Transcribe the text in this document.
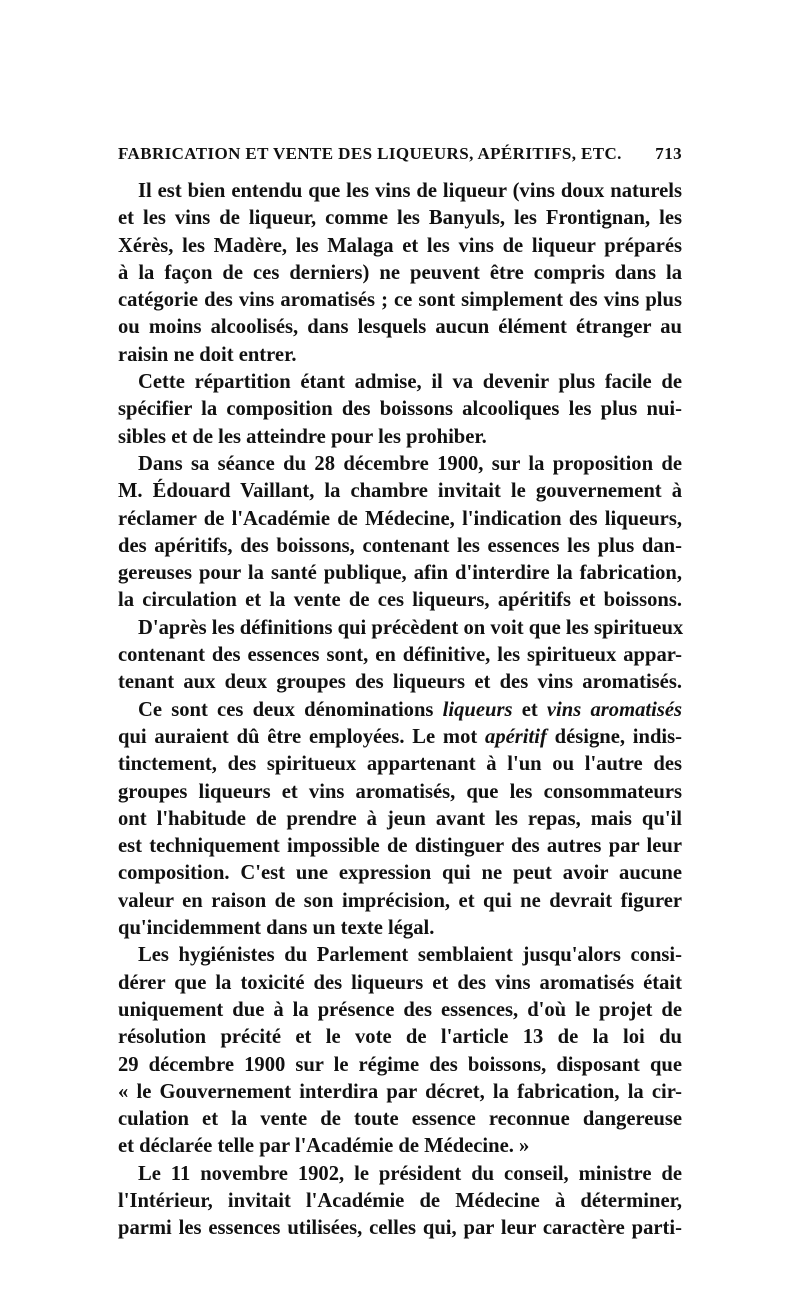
FABRICATION ET VENTE DES LIQUEURS, APÉRITIFS, ETC. 713
Il est bien entendu que les vins de liqueur (vins doux naturels
et les vins de liqueur, comme les Banyuls, les Frontignan, les
Xérès, les Madère, les Malaga et les vins de liqueur préparés
à la façon de ces derniers) ne peuvent être compris dans la
catégorie des vins aromatisés ; ce sont simplement des vins plus
ou moins alcoolisés, dans lesquels aucun élément étranger au
raisin ne doit entrer.
Cette répartition étant admise, il va devenir plus facile de
spécifier la composition des boissons alcooliques les plus nui-
sibles et de les atteindre pour les prohiber.
Dans sa séance du 28 décembre 1900, sur la proposition de
M. Édouard Vaillant, la chambre invitait le gouvernement à
réclamer de l'Académie de Médecine, l'indication des liqueurs,
des apéritifs, des boissons, contenant les essences les plus dan-
gereuses pour la santé publique, afin d'interdire la fabrication,
la circulation et la vente de ces liqueurs, apéritifs et boissons.
D'après les définitions qui précèdent on voit que les spiritueux
contenant des essences sont, en définitive, les spiritueux appar-
tenant aux deux groupes des liqueurs et des vins aromatisés.
Ce sont ces deux dénominations liqueurs et vins aromatisés
qui auraient dû être employées. Le mot apéritif désigne, indis-
tinctement, des spiritueux appartenant à l'un ou l'autre des
groupes liqueurs et vins aromatisés, que les consommateurs
ont l'habitude de prendre à jeun avant les repas, mais qu'il
est techniquement impossible de distinguer des autres par leur
composition. C'est une expression qui ne peut avoir aucune
valeur en raison de son imprécision, et qui ne devrait figurer
qu'incidemment dans un texte légal.
Les hygiénistes du Parlement semblaient jusqu'alors consi-
dérer que la toxicité des liqueurs et des vins aromatisés était
uniquement due à la présence des essences, d'où le projet de
résolution précité et le vote de l'article 13 de la loi du
29 décembre 1900 sur le régime des boissons, disposant que
« le Gouvernement interdira par décret, la fabrication, la cir-
culation et la vente de toute essence reconnue dangereuse
et déclarée telle par l'Académie de Médecine. »
Le 11 novembre 1902, le président du conseil, ministre de
l'Intérieur, invitait l'Académie de Médecine à déterminer,
parmi les essences utilisées, celles qui, par leur caractère parti-
